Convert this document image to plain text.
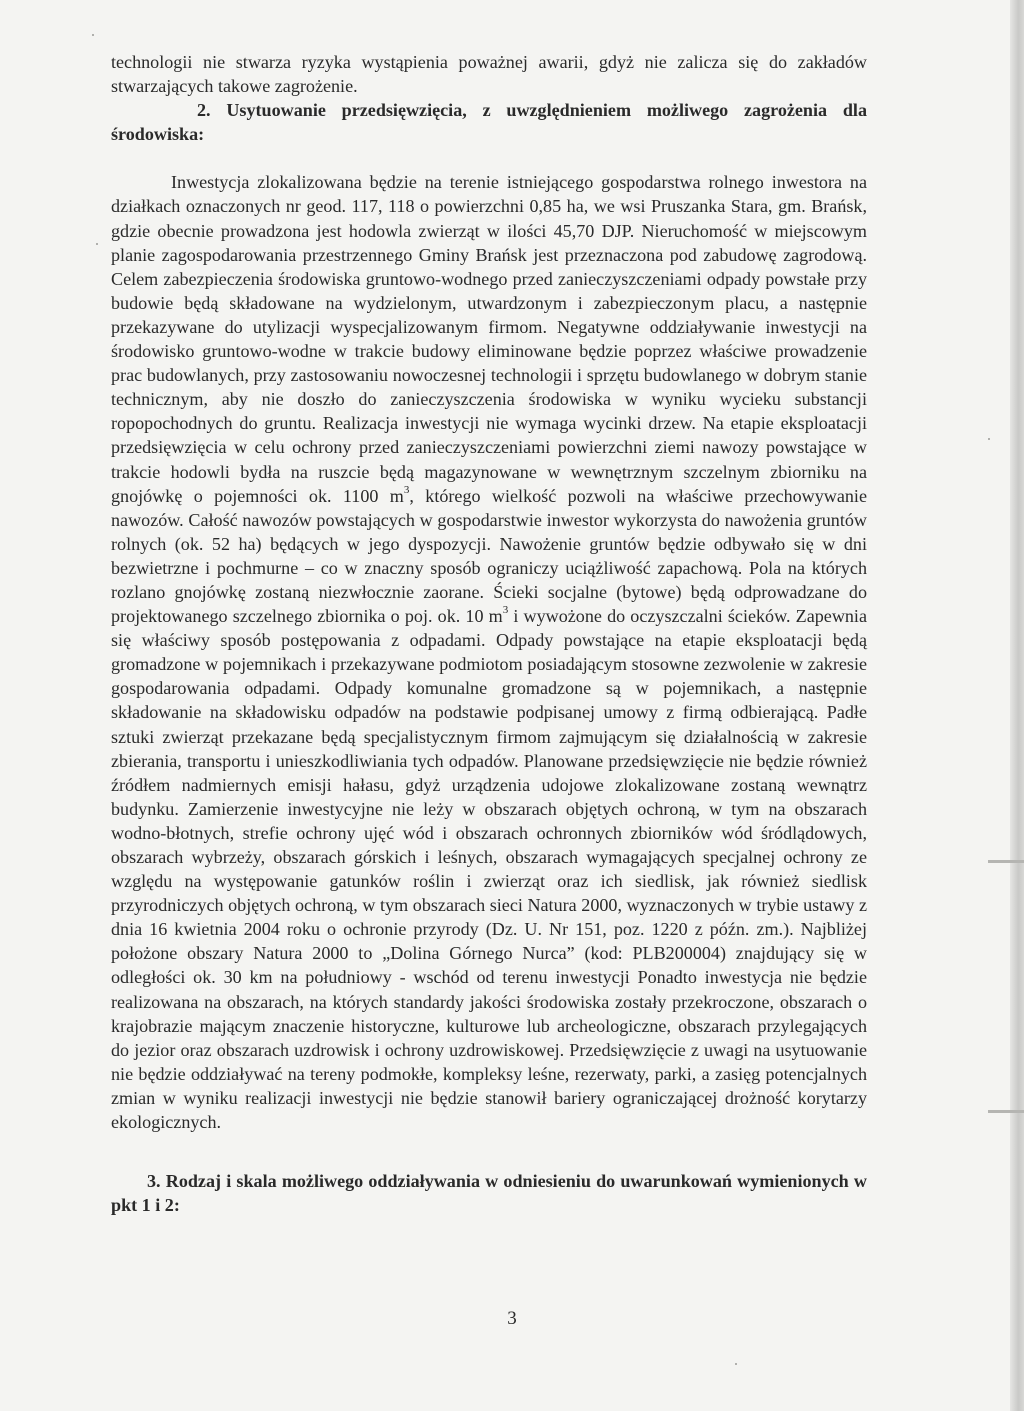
technologii nie stwarza ryzyka wystąpienia poważnej awarii, gdyż nie zalicza się do zakładów stwarzających takowe zagrożenie.

2. Usytuowanie przedsięwzięcia, z uwzględnieniem możliwego zagrożenia dla środowiska:

Inwestycja zlokalizowana będzie na terenie istniejącego gospodarstwa rolnego inwestora na działkach oznaczonych nr geod. 117, 118 o powierzchni 0,85 ha, we wsi Pruszanka Stara, gm. Brańsk, gdzie obecnie prowadzona jest hodowla zwierząt w ilości 45,70 DJP. Nieruchomość w miejscowym planie zagospodarowania przestrzennego Gminy Brańsk jest przeznaczona pod zabudowę zagrodową. Celem zabezpieczenia środowiska gruntowo-wodnego przed zanieczyszczeniami odpady powstałe przy budowie będą składowane na wydzielonym, utwardzonym i zabezpieczonym placu, a następnie przekazywane do utylizacji wyspecjalizowanym firmom. Negatywne oddziaływanie inwestycji na środowisko gruntowo-wodne w trakcie budowy eliminowane będzie poprzez właściwe prowadzenie prac budowlanych, przy zastosowaniu nowoczesnej technologii i sprzętu budowlanego w dobrym stanie technicznym, aby nie doszło do zanieczyszczenia środowiska w wyniku wycieku substancji ropopochodnych do gruntu. Realizacja inwestycji nie wymaga wycinki drzew. Na etapie eksploatacji przedsięwzięcia w celu ochrony przed zanieczyszczeniami powierzchni ziemi nawozy powstające w trakcie hodowli bydła na ruszcie będą magazynowane w wewnętrznym szczelnym zbiorniku na gnojówkę o pojemności ok. 1100 $m^3$, którego wielkość pozwoli na właściwe przechowywanie nawozów. Całość nawozów powstających w gospodarstwie inwestor wykorzysta do nawożenia gruntów rolnych (ok. 52 ha) będących w jego dyspozycji. Nawożenie gruntów będzie odbywało się w dni bezwietrzne i pochmurne – co w znaczny sposób ograniczy uciążliwość zapachową. Pola na których rozlano gnojówkę zostaną niezwłocznie zaorane. Ścieki socjalne (bytowe) będą odprowadzane do projektowanego szczelnego zbiornika o poj. ok. 10 $m^3$ i wywożone do oczyszczalni ścieków. Zapewnia się właściwy sposób postępowania z odpadami. Odpady powstające na etapie eksploatacji będą gromadzone w pojemnikach i przekazywane podmiotom posiadającym stosowne zezwolenie w zakresie gospodarowania odpadami. Odpady komunalne gromadzone są w pojemnikach, a następnie składowanie na składowisku odpadów na podstawie podpisanej umowy z firmą odbierającą. Padłe sztuki zwierząt przekazane będą specjalistycznym firmom zajmującym się działalnością w zakresie zbierania, transportu i unieszkodliwiania tych odpadów. Planowane przedsięwzięcie nie będzie również źródłem nadmiernych emisji hałasu, gdyż urządzenia udojowe zlokalizowane zostaną wewnątrz budynku. Zamierzenie inwestycyjne nie leży w obszarach objętych ochroną, w tym na obszarach wodno-błotnych, strefie ochrony ujęć wód i obszarach ochronnych zbiorników wód śródlądowych, obszarach wybrzeży, obszarach górskich i leśnych, obszarach wymagających specjalnej ochrony ze względu na występowanie gatunków roślin i zwierząt oraz ich siedlisk, jak również siedlisk przyrodniczych objętych ochroną, w tym obszarach sieci Natura 2000, wyznaczonych w trybie ustawy z dnia 16 kwietnia 2004 roku o ochronie przyrody (Dz. U. Nr 151, poz. 1220 z późn. zm.). Najbliżej położone obszary Natura 2000 to „Dolina Górnego Nurca” (kod: PLB200004) znajdujący się w odległości ok. 30 km na południowy - wschód od terenu inwestycji Ponadto inwestycja nie będzie realizowana na obszarach, na których standardy jakości środowiska zostały przekroczone, obszarach o krajobrazie mającym znaczenie historyczne, kulturowe lub archeologiczne, obszarach przylegających do jezior oraz obszarach uzdrowisk i ochrony uzdrowiskowej. Przedsięwzięcie z uwagi na usytuowanie nie będzie oddziaływać na tereny podmokłe, kompleksy leśne, rezerwaty, parki, a zasięg potencjalnych zmian w wyniku realizacji inwestycji nie będzie stanowił bariery ograniczającej drożność korytarzy ekologicznych.

3. Rodzaj i skala możliwego oddziaływania w odniesieniu do uwarunkowań wymienionych w pkt 1 i 2:

3
